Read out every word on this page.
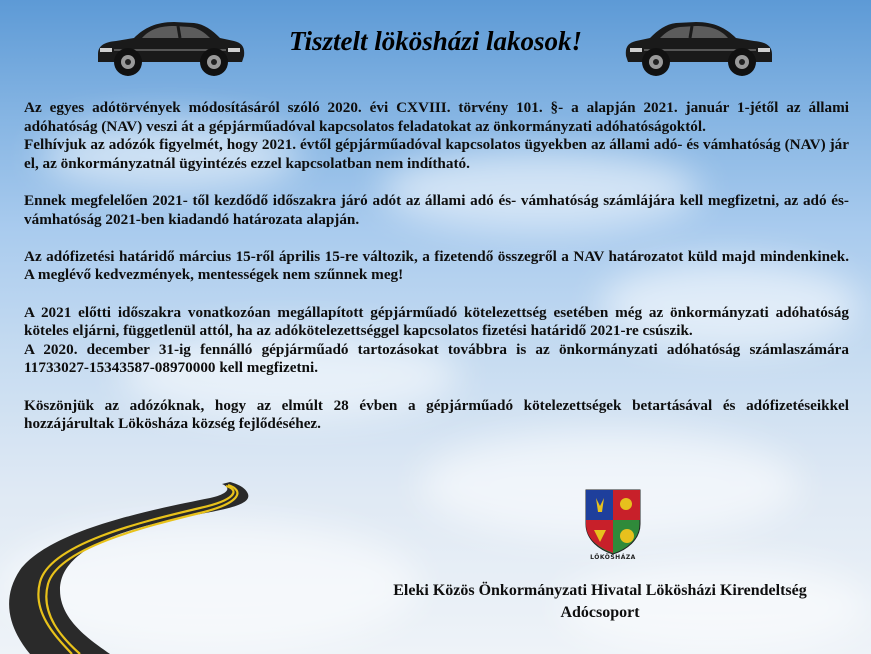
Tisztelt lökösházi lakosok!

Az egyes adótörvények módosításáról szóló 2020. évi CXVIII. törvény 101. §- a alapján 2021. január 1-jétől az állami adóhatóság (NAV) veszi át a gépjárműadóval kapcsolatos feladatokat az önkormányzati adóhatóságoktól.

Felhívjuk az adózók figyelmét, hogy 2021. évtől gépjárműadóval kapcsolatos ügyekben az állami adó- és vámhatóság (NAV) jár el, az önkormányzatnál ügyintézés ezzel kapcsolatban nem indítható.

Ennek megfelelően 2021- től kezdődő időszakra járó adót az állami adó és- vámhatóság számlájára kell megfizetni, az adó és- vámhatóság 2021-ben kiadandó határozata alapján.

Az adófizetési határidő március 15-ről április 15-re változik, a fizetendő összegről a NAV határozatot küld majd mindenkinek. A meglévő kedvezmények, mentességek nem szűnnek meg!

A 2021 előtti időszakra vonatkozóan megállapított gépjárműadó kötelezettség esetében még az önkormányzati adóhatóság köteles eljárni, függetlenül attól, ha az adókötelezettséggel kapcsolatos fizetési határidő 2021-re csúszik.

A 2020. december 31-ig fennálló gépjárműadó tartozásokat továbbra is az önkormányzati adóhatóság számlaszámára 11733027-15343587-08970000 kell megfizetni.

Köszönjük az adózóknak, hogy az elmúlt 28 évben a gépjárműadó kötelezettségek betartásával és adófizetéseikkel hozzájárultak Lökösháza község fejlődéséhez.

LÖKÖSHÁZA
Eleki Közös Önkormányzati Hivatal Lökösházi Kirendeltség
Adócsoport
